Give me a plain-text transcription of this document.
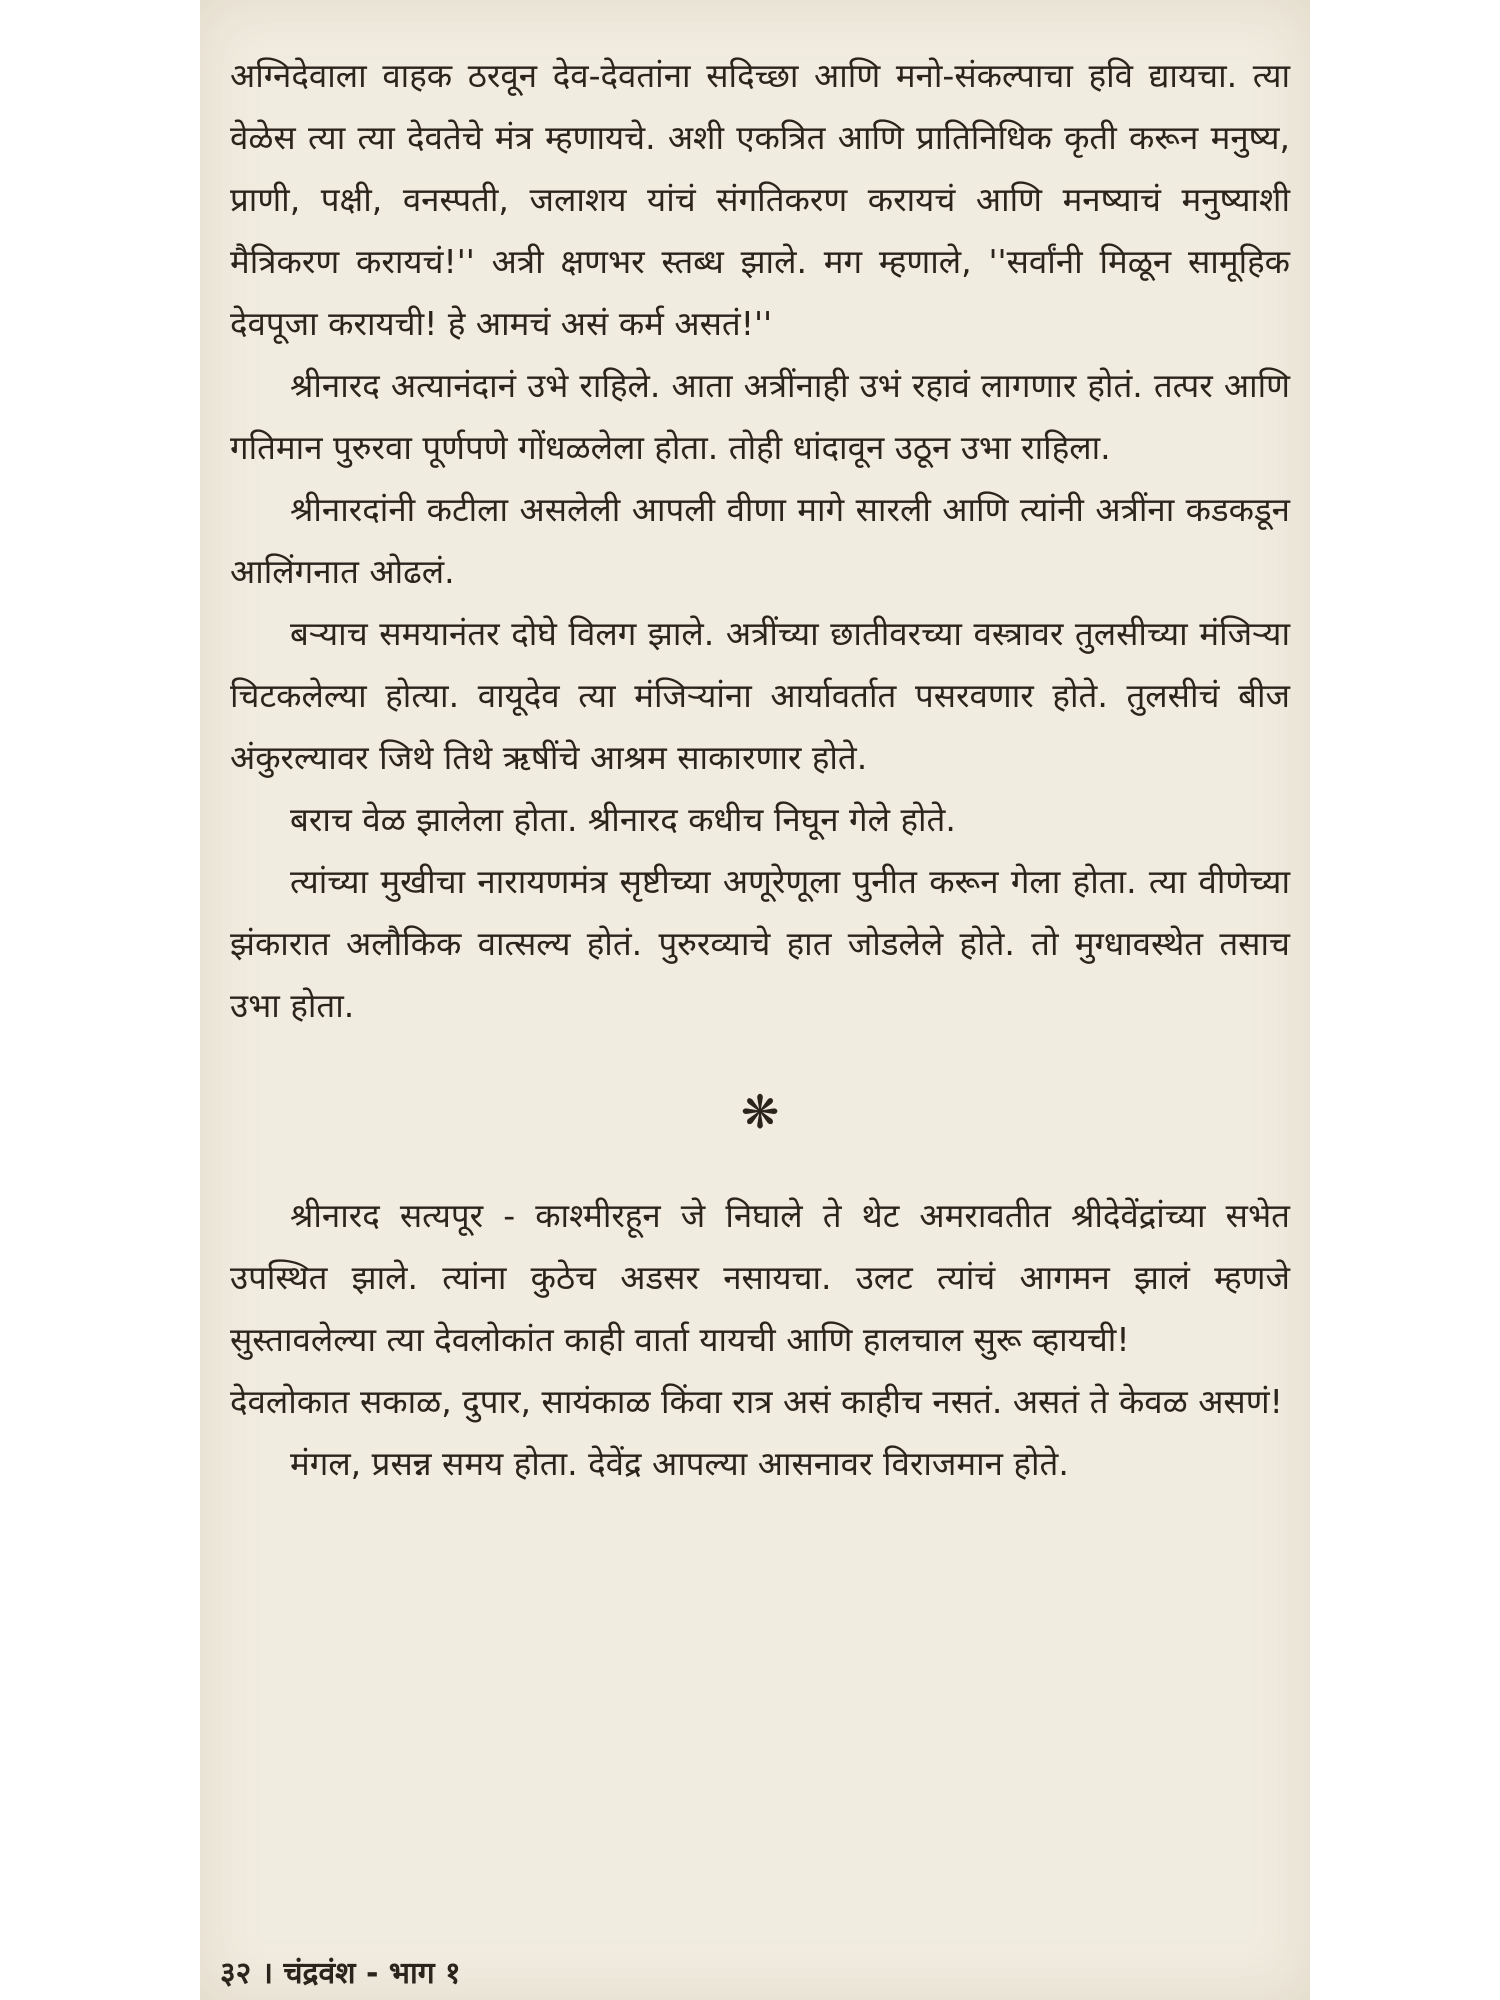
अग्निदेवाला वाहक ठरवून देव-देवतांना सदिच्छा आणि मनो-संकल्पाचा हवि द्यायचा. त्या वेळेस त्या त्या देवतेचे मंत्र म्हणायचे. अशी एकत्रित आणि प्रातिनिधिक कृती करून मनुष्य, प्राणी, पक्षी, वनस्पती, जलाशय यांचं संगतिकरण करायचं आणि मनष्याचं मनुष्याशी मैत्रिकरण करायचं!'' अत्री क्षणभर स्तब्ध झाले. मग म्हणाले, ''सर्वांनी मिळून सामूहिक देवपूजा करायची! हे आमचं असं कर्म असतं!''

श्रीनारद अत्यानंदानं उभे राहिले. आता अत्रींनाही उभं रहावं लागणार होतं. तत्पर आणि गतिमान पुरुरवा पूर्णपणे गोंधळलेला होता. तोही धांदावून उठून उभा राहिला.

श्रीनारदांनी कटीला असलेली आपली वीणा मागे सारली आणि त्यांनी अत्रींना कडकडून आलिंगनात ओढलं.

बऱ्याच समयानंतर दोघे विलग झाले. अत्रींच्या छातीवरच्या वस्त्रावर तुलसीच्या मंजिऱ्या चिटकलेल्या होत्या. वायूदेव त्या मंजिऱ्यांना आर्यावर्तात पसरवणार होते. तुलसीचं बीज अंकुरल्यावर जिथे तिथे ऋषींचे आश्रम साकारणार होते.

बराच वेळ झालेला होता. श्रीनारद कधीच निघून गेले होते.

त्यांच्या मुखीचा नारायणमंत्र सृष्टीच्या अणूरेणूला पुनीत करून गेला होता. त्या वीणेच्या झंकारात अलौकिक वात्सल्य होतं. पुरुरव्याचे हात जोडलेले होते. तो मुग्धावस्थेत तसाच उभा होता.

❋

श्रीनारद सत्यपूर - काश्मीरहून जे निघाले ते थेट अमरावतीत श्रीदेवेंद्रांच्या सभेत उपस्थित झाले. त्यांना कुठेच अडसर नसायचा. उलट त्यांचं आगमन झालं म्हणजे सुस्तावलेल्या त्या देवलोकांत काही वार्ता यायची आणि हालचाल सुरू व्हायची!

देवलोकात सकाळ, दुपार, सायंकाळ किंवा रात्र असं काहीच नसतं. असतं ते केवळ असणं!

मंगल, प्रसन्न समय होता. देवेंद्र आपल्या आसनावर विराजमान होते.

३२ । चंद्रवंश - भाग १
